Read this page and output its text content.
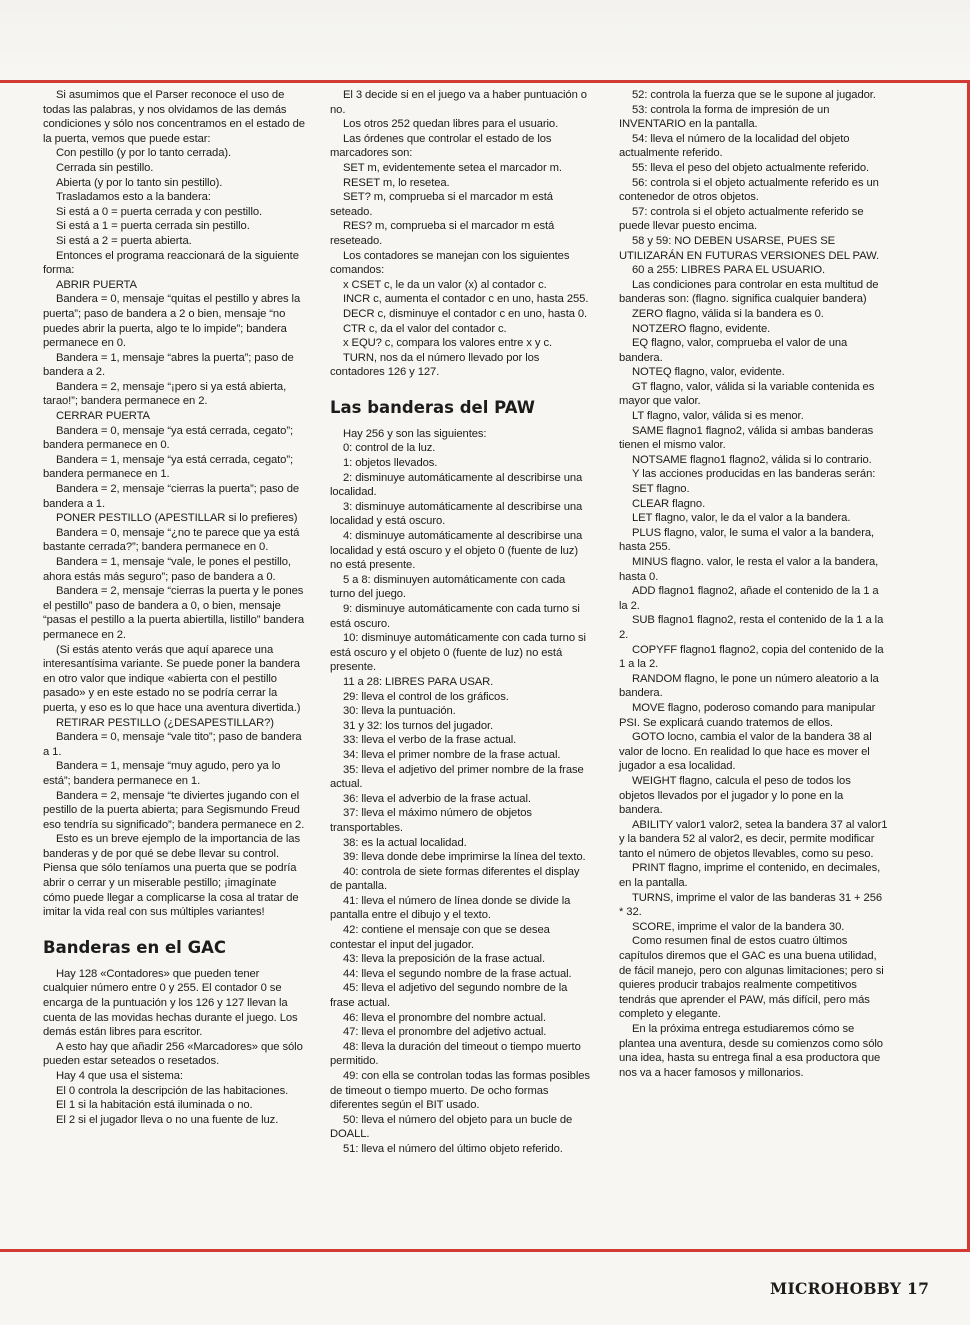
Si asumimos que el Parser reconoce el uso de todas las palabras, y nos olvidamos de las demás condiciones y sólo nos concentramos en el estado de la puerta, vemos que puede estar:

Con pestillo (y por lo tanto cerrada).

Cerrada sin pestillo.

Abierta (y por lo tanto sin pestillo).

Trasladamos esto a la bandera:

Si está a 0 = puerta cerrada y con pestillo.

Si está a 1 = puerta cerrada sin pestillo.

Si está a 2 = puerta abierta.

Entonces el programa reaccionará de la siguiente forma:

ABRIR PUERTA

Bandera = 0, mensaje “quitas el pestillo y abres la puerta”; paso de bandera a 2 o bien, mensaje “no puedes abrir la puerta, algo te lo impide”; bandera permanece en 0.

Bandera = 1, mensaje “abres la puerta”; paso de bandera a 2.

Bandera = 2, mensaje “¡pero si ya está abierta, tarao!”; bandera permanece en 2.

CERRAR PUERTA

Bandera = 0, mensaje “ya está cerrada, cegato”; bandera permanece en 0.

Bandera = 1, mensaje “ya está cerrada, cegato”; bandera permanece en 1.

Bandera = 2, mensaje “cierras la puerta”; paso de bandera a 1.

PONER PESTILLO (APESTILLAR si lo prefieres)

Bandera = 0, mensaje “¿no te parece que ya está bastante cerrada?”; bandera permanece en 0.

Bandera = 1, mensaje “vale, le pones el pestillo, ahora estás más seguro”; paso de bandera a 0.

Bandera = 2, mensaje “cierras la puerta y le pones el pestillo” paso de bandera a 0, o bien, mensaje “pasas el pestillo a la puerta abiertilla, listillo” bandera permanece en 2.

(Si estás atento verás que aquí aparece una interesantísima variante. Se puede poner la bandera en otro valor que indique «abierta con el pestillo pasado» y en este estado no se podría cerrar la puerta, y eso es lo que hace una aventura divertida.)

RETIRAR PESTILLO (¿DESAPESTILLAR?)

Bandera = 0, mensaje “vale tito”; paso de bandera a 1.

Bandera = 1, mensaje “muy agudo, pero ya lo está”; bandera permanece en 1.

Bandera = 2, mensaje “te diviertes jugando con el pestillo de la puerta abierta; para Segismundo Freud eso tendría su significado”; bandera permanece en 2.

Esto es un breve ejemplo de la importancia de las banderas y de por qué se debe llevar su control. Piensa que sólo teníamos una puerta que se podría abrir o cerrar y un miserable pestillo; ¡imagínate cómo puede llegar a complicarse la cosa al tratar de imitar la vida real con sus múltiples variantes!

Banderas en el GAC

Hay 128 «Contadores» que pueden tener cualquier número entre 0 y 255. El contador 0 se encarga de la puntuación y los 126 y 127 llevan la cuenta de las movidas hechas durante el juego. Los demás están libres para escritor.

A esto hay que añadir 256 «Marcadores» que sólo pueden estar seteados o resetados.

Hay 4 que usa el sistema:

El 0 controla la descripción de las habitaciones.

El 1 si la habitación está iluminada o no.

El 2 si el jugador lleva o no una fuente de luz.

El 3 decide si en el juego va a haber puntuación o no.

Los otros 252 quedan libres para el usuario.

Las órdenes que controlar el estado de los marcadores son:

SET m, evidentemente setea el marcador m.

RESET m, lo resetea.

SET? m, comprueba si el marcador m está seteado.

RES? m, comprueba si el marcador m está reseteado.

Los contadores se manejan con los siguientes comandos:

x CSET c, le da un valor (x) al contador c.

INCR c, aumenta el contador c en uno, hasta 255.

DECR c, disminuye el contador c en uno, hasta 0.

CTR c, da el valor del contador c.

x EQU? c, compara los valores entre x y c.

TURN, nos da el número llevado por los contadores 126 y 127.

Las banderas del PAW

Hay 256 y son las siguientes:

0: control de la luz.

1: objetos llevados.

2: disminuye automáticamente al describirse una localidad.

3: disminuye automáticamente al describirse una localidad y está oscuro.

4: disminuye automáticamente al describirse una localidad y está oscuro y el objeto 0 (fuente de luz) no está presente.

5 a 8: disminuyen automáticamente con cada turno del juego.

9: disminuye automáticamente con cada turno si está oscuro.

10: disminuye automáticamente con cada turno si está oscuro y el objeto 0 (fuente de luz) no está presente.

11 a 28: LIBRES PARA USAR.

29: lleva el control de los gráficos.

30: lleva la puntuación.

31 y 32: los turnos del jugador.

33: lleva el verbo de la frase actual.

34: lleva el primer nombre de la frase actual.

35: lleva el adjetivo del primer nombre de la frase actual.

36: lleva el adverbio de la frase actual.

37: lleva el máximo número de objetos transportables.

38: es la actual localidad.

39: lleva donde debe imprimirse la línea del texto.

40: controla de siete formas diferentes el display de pantalla.

41: lleva el número de línea donde se divide la pantalla entre el dibujo y el texto.

42: contiene el mensaje con que se desea contestar el input del jugador.

43: lleva la preposición de la frase actual.

44: lleva el segundo nombre de la frase actual.

45: lleva el adjetivo del segundo nombre de la frase actual.

46: lleva el pronombre del nombre actual.

47: lleva el pronombre del adjetivo actual.

48: lleva la duración del timeout o tiempo muerto permitido.

49: con ella se controlan todas las formas posibles de timeout o tiempo muerto. De ocho formas diferentes según el BIT usado.

50: lleva el número del objeto para un bucle de DOALL.

51: lleva el número del último objeto referido.

52: controla la fuerza que se le supone al jugador.

53: controla la forma de impresión de un INVENTARIO en la pantalla.

54: lleva el número de la localidad del objeto actualmente referido.

55: lleva el peso del objeto actualmente referido.

56: controla si el objeto actualmente referido es un contenedor de otros objetos.

57: controla si el objeto actualmente referido se puede llevar puesto encima.

58 y 59: NO DEBEN USARSE, PUES SE UTILIZARÁN EN FUTURAS VERSIONES DEL PAW.

60 a 255: LIBRES PARA EL USUARIO.

Las condiciones para controlar en esta multitud de banderas son: (flagno. significa cualquier bandera)

ZERO flagno, válida si la bandera es 0.

NOTZERO flagno, evidente.

EQ flagno, valor, comprueba el valor de una bandera.

NOTEQ flagno, valor, evidente.

GT flagno, valor, válida si la variable contenida es mayor que valor.

LT flagno, valor, válida si es menor.

SAME flagno1 flagno2, válida si ambas banderas tienen el mismo valor.

NOTSAME flagno1 flagno2, válida si lo contrario.

Y las acciones producidas en las banderas serán:

SET flagno.

CLEAR flagno.

LET flagno, valor, le da el valor a la bandera.

PLUS flagno, valor, le suma el valor a la bandera, hasta 255.

MINUS flagno. valor, le resta el valor a la bandera, hasta 0.

ADD flagno1 flagno2, añade el contenido de la 1 a la 2.

SUB flagno1 flagno2, resta el contenido de la 1 a la 2.

COPYFF flagno1 flagno2, copia del contenido de la 1 a la 2.

RANDOM flagno, le pone un número aleatorio a la bandera.

MOVE flagno, poderoso comando para manipular PSI. Se explicará cuando tratemos de ellos.

GOTO locno, cambia el valor de la bandera 38 al valor de locno. En realidad lo que hace es mover el jugador a esa localidad.

WEIGHT flagno, calcula el peso de todos los objetos llevados por el jugador y lo pone en la bandera.

ABILITY valor1 valor2, setea la bandera 37 al valor1 y la bandera 52 al valor2, es decir, permite modificar tanto el número de objetos llevables, como su peso.

PRINT flagno, imprime el contenido, en decimales, en la pantalla.

TURNS, imprime el valor de las banderas 31 + 256 * 32.

SCORE, imprime el valor de la bandera 30.

Como resumen final de estos cuatro últimos capítulos diremos que el GAC es una buena utilidad, de fácil manejo, pero con algunas limitaciones; pero si quieres producir trabajos realmente competitivos tendrás que aprender el PAW, más difícil, pero más completo y elegante.

En la próxima entrega estudiaremos cómo se plantea una aventura, desde su comienzos como sólo una idea, hasta su entrega final a esa productora que nos va a hacer famosos y millonarios.

MICROHOBBY 17
